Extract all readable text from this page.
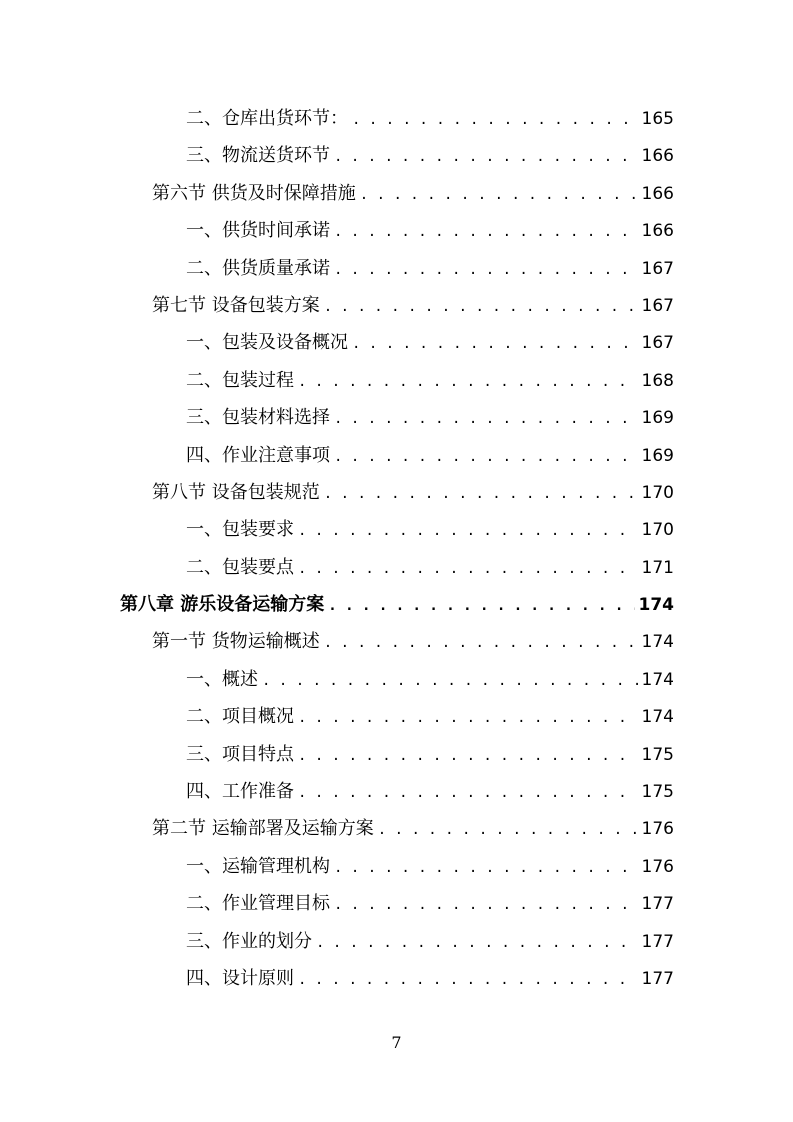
二、仓库出货环节： . . .	165
三、物流送货环节 . . .	166
第六节 供货及时保障措施 . . .	166
一、供货时间承诺 . . .	166
二、供货质量承诺 . . .	167
第七节 设备包装方案 . . .	167
一、包装及设备概况 . . .	167
二、包装过程 . . .	168
三、包装材料选择 . . .	169
四、作业注意事项 . . .	169
第八节 设备包装规范 . . .	170
一、包装要求 . . .	170
二、包装要点 . . .	171
第八章 游乐设备运输方案 . . .	174
第一节 货物运输概述 . . .	174
一、概述 . . .	174
二、项目概况 . . .	174
三、项目特点 . . .	175
四、工作准备 . . .	175
第二节 运输部署及运输方案 . . .	176
一、运输管理机构 . . .	176
二、作业管理目标 . . .	177
三、作业的划分 . . .	177
四、设计原则 . . .	177
7
